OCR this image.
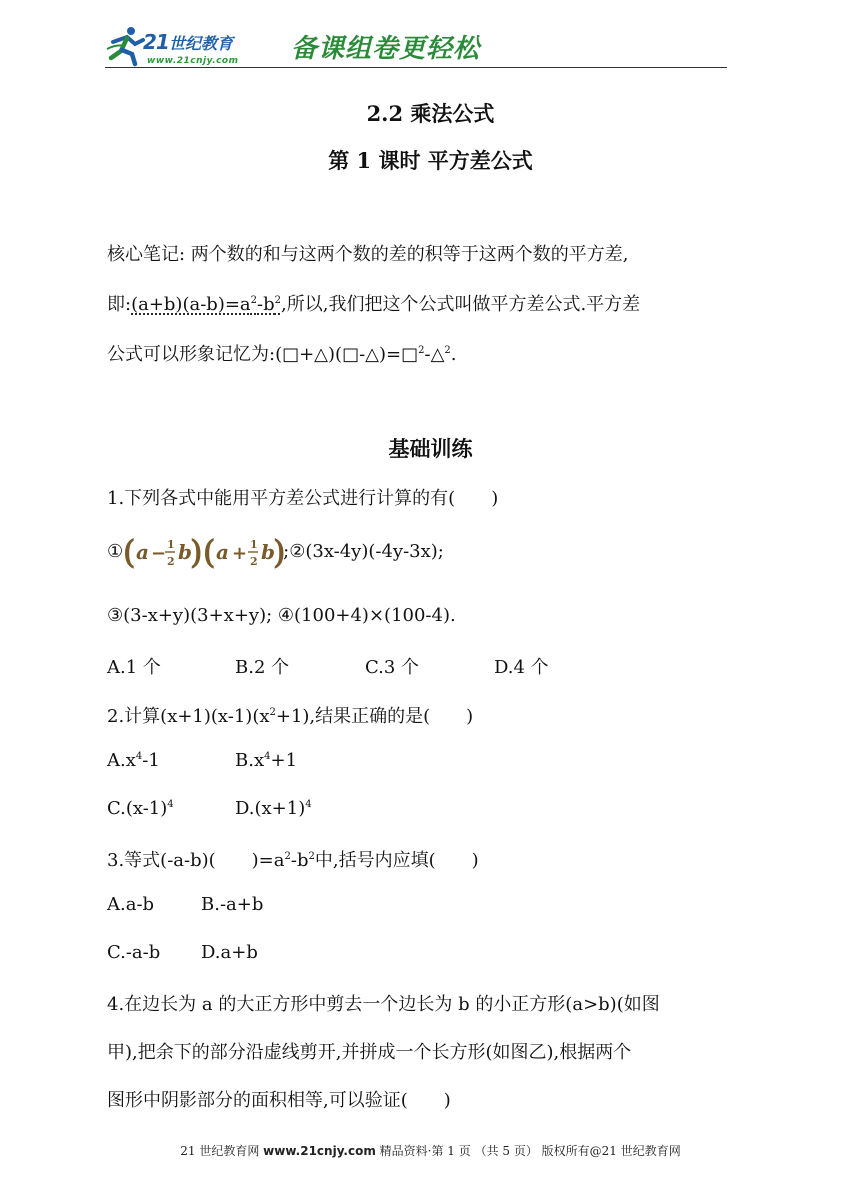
21 世纪教育
www.21cnjy.com 备课组卷更轻松
2.2 乘法公式
第 1 课时 平方差公式
核心笔记: 两个数的和与这两个数的差的积等于这两个数的平方差,
即$:(a+b)(a-b)=a^2-b^2$,所以,我们把这个公式叫做平方差公式.平方差
公式可以形象记忆为:(□+△)(□-△)=□$^2$-△$^2$.
基础训练
1.下列各式中能用平方差公式进行计算的有(　　)
① ( a − 1
2 b
) ( a + 1
2 b
)
;②(3x-4y)(-4y-3x);
③(3-x+y)(3+x+y); ④(100+4)×(100-4).
A.1 个	B.2 个	C.3 个	D.4 个
2.计算$(x+1)(x-1)(x^2+1)$,结果正确的是(　　)
$A.x^4-1$	$B.x^4+1$
$C.(x-1)^4$	$D.(x+1)^4$
3.等式(-a-b)(　　)$=a^2-b^2$中,括号内应填(　　)
A.a-b	B.-a+b
C.-a-b D.a+b
4.在边长为 a 的大正方形中剪去一个边长为 b 的小正方形(a>b)(如图
甲),把余下的部分沿虚线剪开,并拼成一个长方形(如图乙),根据两个
图形中阴影部分的面积相等,可以验证(　　)
21 世纪教育网 www.21cnjy.com 精品资料·第 1 页 （共 5 页） 版权所有@21 世纪教育网
